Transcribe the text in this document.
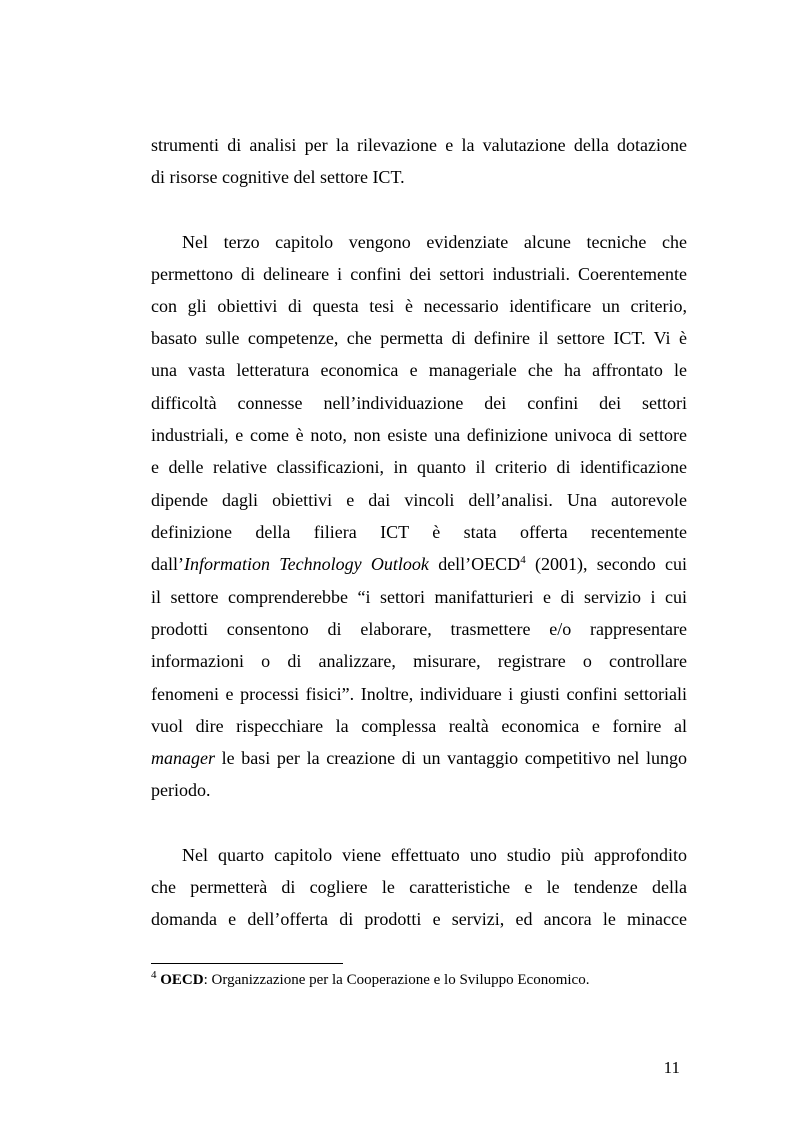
strumenti di analisi per la rilevazione e la valutazione della dotazione
di risorse cognitive del settore ICT.
Nel terzo capitolo vengono evidenziate alcune tecniche che
permettono di delineare i confini dei settori industriali. Coerentemente
con gli obiettivi di questa tesi è necessario identificare un criterio,
basato sulle competenze, che permetta di definire il settore ICT. Vi è
una vasta letteratura economica e manageriale che ha affrontato le
difficoltà connesse nell’individuazione dei confini dei settori
industriali, e come è noto, non esiste una definizione univoca di settore
e delle relative classificazioni, in quanto il criterio di identificazione
dipende dagli obiettivi e dai vincoli dell’analisi. Una autorevole
definizione della filiera ICT è stata offerta recentemente
dall’Information Technology Outlook dell’OECD$^4$ (2001), secondo cui
il settore comprenderebbe “i settori manifatturieri e di servizio i cui
prodotti consentono di elaborare, trasmettere e/o rappresentare
informazioni o di analizzare, misurare, registrare o controllare
fenomeni e processi fisici”. Inoltre, individuare i giusti confini settoriali
vuol dire rispecchiare la complessa realtà economica e fornire al
manager le basi per la creazione di un vantaggio competitivo nel lungo
periodo.
Nel quarto capitolo viene effettuato uno studio più approfondito
che permetterà di cogliere le caratteristiche e le tendenze della
domanda e dell’offerta di prodotti e servizi, ed ancora le minacce
$^4$ OECD: Organizzazione per la Cooperazione e lo Sviluppo Economico.
11
